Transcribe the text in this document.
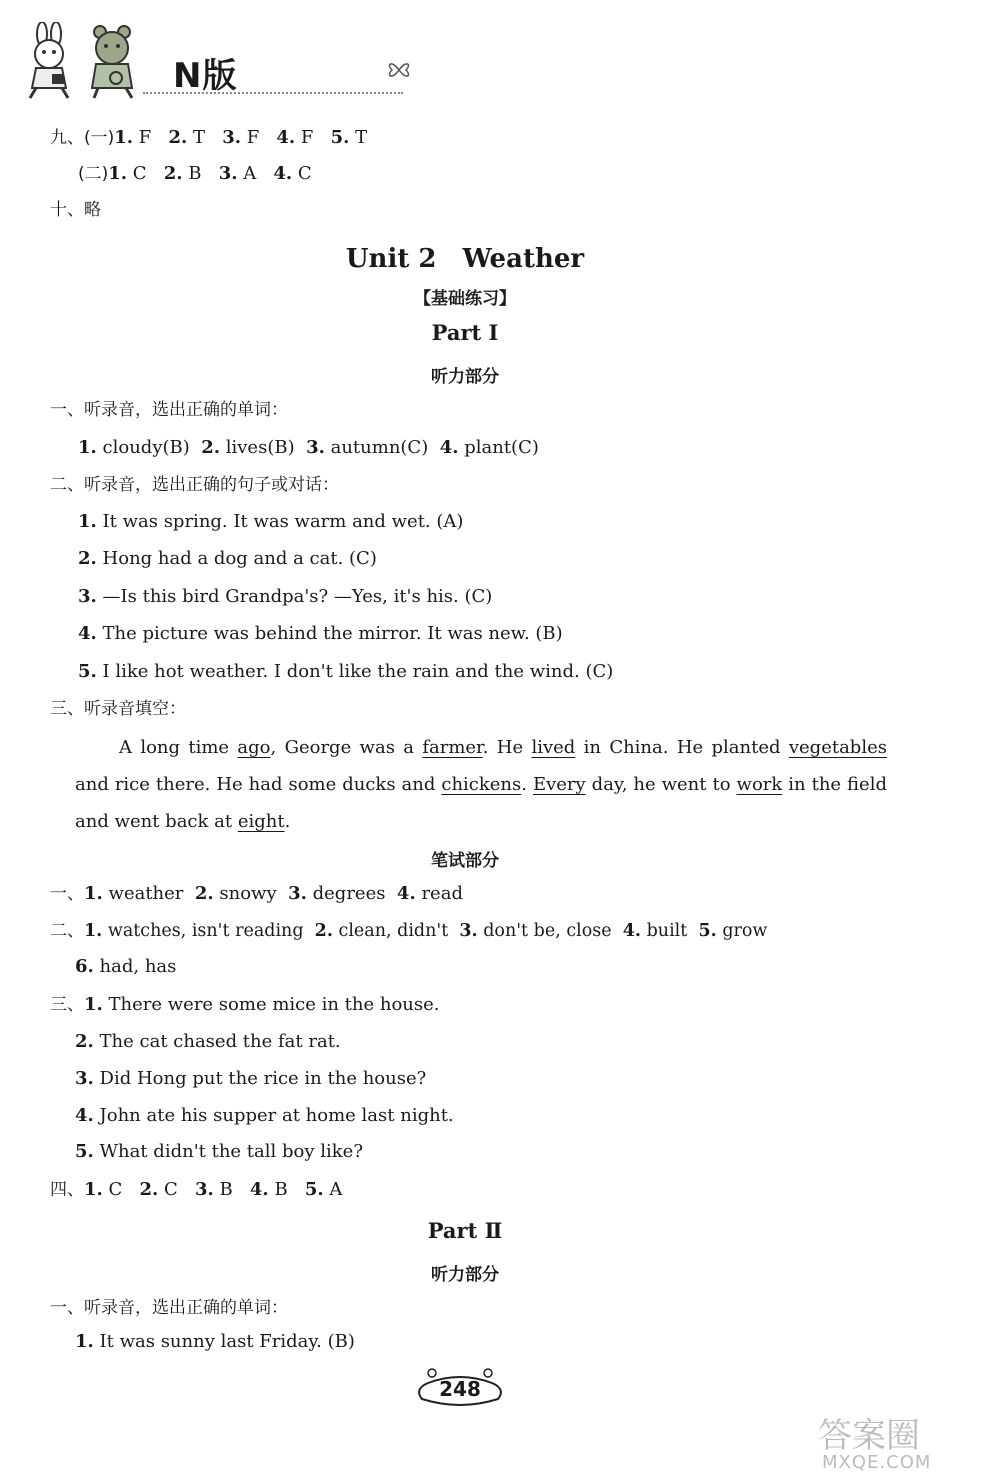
N版
九、(一)1. F 2. T 3. F 4. F 5. T
(二)1. C 2. B 3. A 4. C
十、略
Unit 2　Weather
【基础练习】
Part Ⅰ
听力部分
一、听录音，选出正确的单词：
1. cloudy(B) 2. lives(B) 3. autumn(C) 4. plant(C)
二、听录音，选出正确的句子或对话：
1. It was spring. It was warm and wet. (A)
2. Hong had a dog and a cat. (C)
3. —Is this bird Grandpa's? —Yes, it's his. (C)
4. The picture was behind the mirror. It was new. (B)
5. I like hot weather. I don't like the rain and the wind. (C)
三、听录音填空：
A long time ago, George was a farmer. He lived in China. He planted vegetables and rice there. He had some ducks and chickens. Every day, he went to work in the field and went back at eight.
笔试部分
一、1. weather 2. snowy 3. degrees 4. read
二、1. watches, isn't reading 2. clean, didn't 3. don't be, close 4. built 5. grow
6. had, has
三、1. There were some mice in the house.
2. The cat chased the fat rat.
3. Did Hong put the rice in the house?
4. John ate his supper at home last night.
5. What didn't the tall boy like?
四、1. C 2. C 3. B 4. B 5. A
Part Ⅱ
听力部分
一、听录音，选出正确的单词：
1. It was sunny last Friday. (B)
248
答案圈
MXQE.COM
